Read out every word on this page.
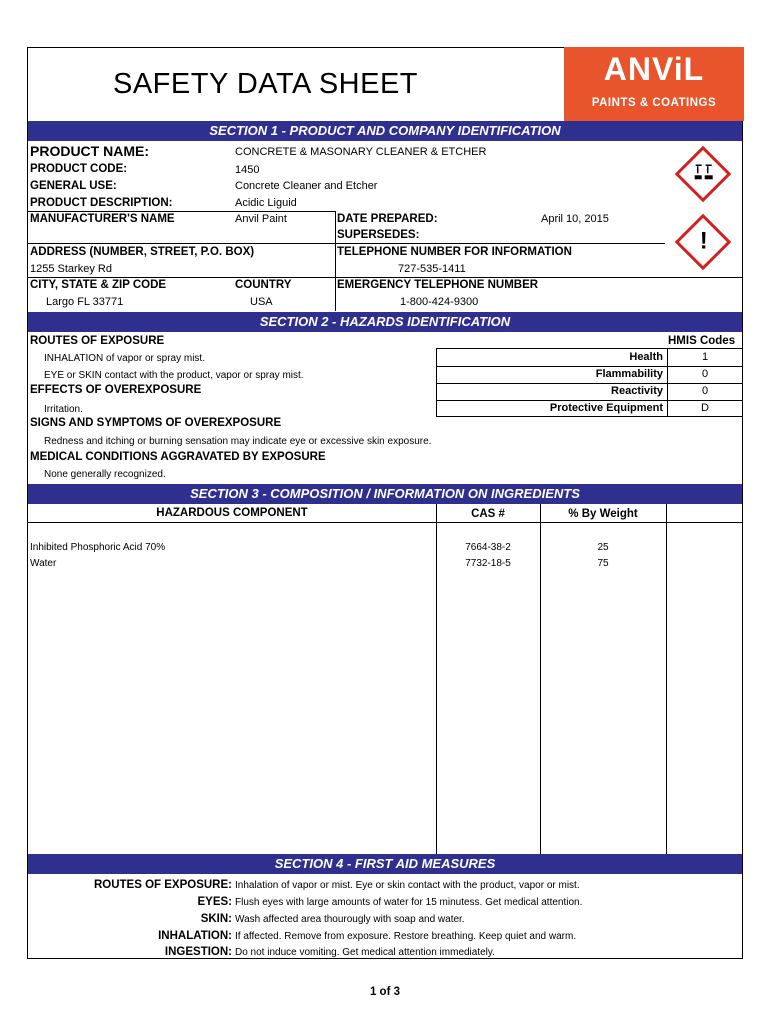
SAFETY DATA SHEET	ANViL
PAINTS & COATINGS
SECTION 1 - PRODUCT AND COMPANY IDENTIFICATION
PRODUCT NAME:	CONCRETE & MASONARY CLEANER & ETCHER
PRODUCT CODE:	1450
GENERAL USE:	Concrete Cleaner and Etcher
PRODUCT DESCRIPTION:	Acidic Liguid
MANUFACTURER'S NAME	Anvil Paint	DATE PREPARED:	April 10, 2015
SUPERSEDES:
ADDRESS (NUMBER, STREET, P.O. BOX)
1255 Starkey Rd
TELEPHONE NUMBER FOR INFORMATION
727-535-1411
CITY, STATE & ZIP CODE
Largo FL 33771
COUNTRY
USA
EMERGENCY TELEPHONE NUMBER
1-800-424-9300
!
SECTION 2 - HAZARDS IDENTIFICATION
ROUTES OF EXPOSURE
INHALATION of vapor or spray mist.
EYE or SKIN contact with the product, vapor or spray mist.
EFFECTS OF OVEREXPOSURE
Irritation.
SIGNS AND SYMPTOMS OF OVEREXPOSURE
Redness and itching or burning sensation may indicate eye or excessive skin exposure.
MEDICAL CONDITIONS AGGRAVATED BY EXPOSURE
None generally recognized.
HMIS Codes
Health	1
Flammability	0
Reactivity	0
Protective Equipment	D
SECTION 3 - COMPOSITION / INFORMATION ON INGREDIENTS
HAZARDOUS COMPONENT	CAS #	% By Weight
Inhibited Phosphoric Acid 70%	7664-38-2	25
Water	7732-18-5	75
SECTION 4 - FIRST AID MEASURES
ROUTES OF EXPOSURE: Inhalation of vapor or mist. Eye or skin contact with the product, vapor or mist.
EYES: Flush eyes with large amounts of water for 15 minutess. Get medical attention.
SKIN: Wash affected area thourougly with soap and water.
INHALATION: If affected. Remove from exposure. Restore breathing. Keep quiet and warm.
INGESTION: Do not induce vomiting. Get medical attention immediately.
1 of 3
